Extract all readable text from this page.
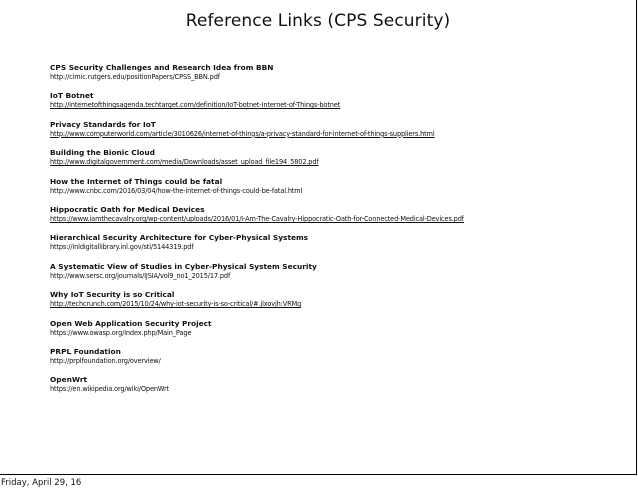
Reference Links (CPS Security)
CPS Security Challenges and Research Idea from BBN
http://cimic.rutgers.edu/positionPapers/CPSS_BBN.pdf
IoT Botnet
http://internetofthingsagenda.techtarget.com/definition/IoT-botnet-Internet-of-Things-botnet
Privacy Standards for IoT
http://www.computerworld.com/article/3010626/internet-of-things/a-privacy-standard-for-internet-of-things-suppliers.html
Building the Bionic Cloud
http://www.digitalgovernment.com/media/Downloads/asset_upload_file194_5802.pdf
How the Internet of Things could be fatal
http://www.cnbc.com/2016/03/04/how-the-internet-of-things-could-be-fatal.html
Hippocratic Oath for Medical Devices
https://www.iamthecavalry.org/wp-content/uploads/2016/01/I-Am-The-Cavalry-Hippocratic-Oath-for-Connected-Medical-Devices.pdf
Hierarchical Security Architecture for Cyber-Physical Systems
https://inldigitallibrary.inl.gov/sti/5144319.pdf
A Systematic View of Studies in Cyber-Physical System Security
http://www.sersc.org/journals/IJSIA/vol9_no1_2015/17.pdf
Why IoT Security is so Critical
http://techcrunch.com/2015/10/24/why-iot-security-is-so-critical/#.jlxovjh:VRMg
Open Web Application Security Project
https://www.owasp.org/index.php/Main_Page
PRPL Foundation
http://prplfoundation.org/overview/
OpenWrt
https://en.wikipedia.org/wiki/OpenWrt
Friday, April 29, 16
